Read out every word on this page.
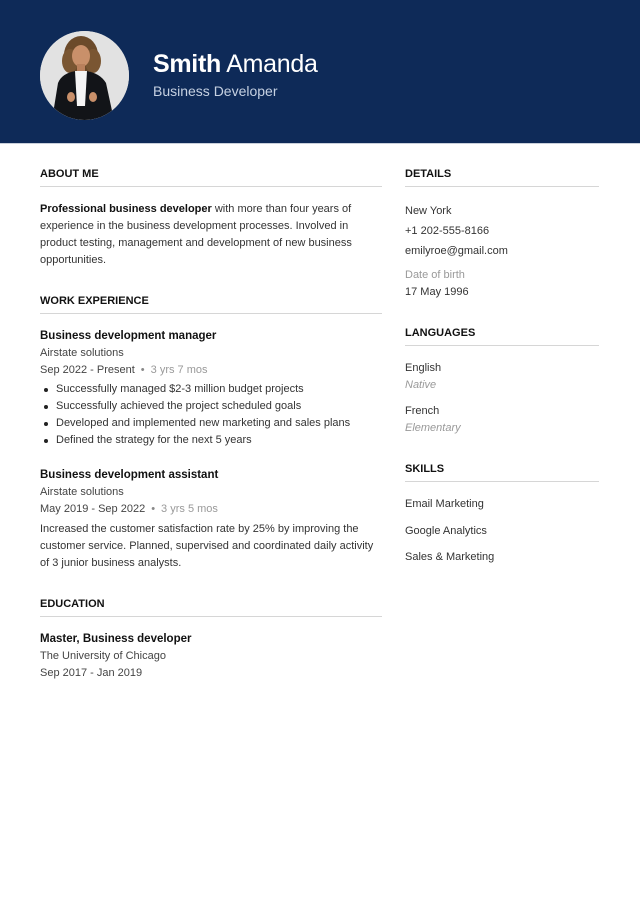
Smith Amanda
Business Developer
ABOUT ME

Professional business developer with more than four years of experience in the business development processes. Involved in product testing, management and development of new business opportunities.

WORK EXPERIENCE
Business development manager
Airstate solutions
Sep 2022 - Present • 3 yrs 7 mos
Successfully managed $2-3 million budget projects
Successfully achieved the project scheduled goals
Developed and implemented new marketing and sales plans
Defined the strategy for the next 5 years
Business development assistant
Airstate solutions
May 2019 - Sep 2022 • 3 yrs 5 mos

Increased the customer satisfaction rate by 25% by improving the customer service. Planned, supervised and coordinated daily activity of 3 junior business analysts.

EDUCATION
Master, Business developer
The University of Chicago
Sep 2017 - Jan 2019
DETAILS
New York
+1 202-555-8166
emilyroe@gmail.com
Date of birth
17 May 1996
LANGUAGES
English
Native
French
Elementary
SKILLS
Email Marketing
Google Analytics
Sales & Marketing
